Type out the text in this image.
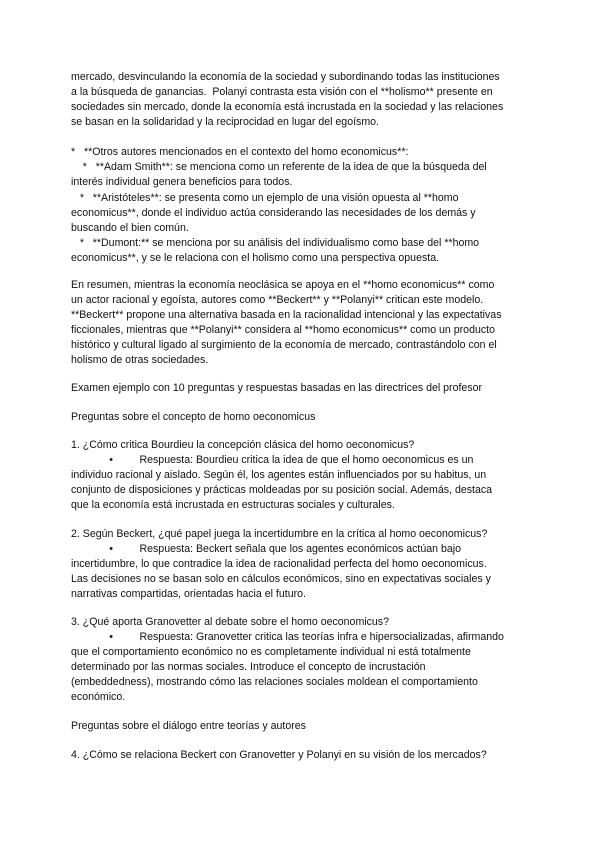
mercado, desvinculando la economía de la sociedad y subordinando todas las instituciones
a la búsqueda de ganancias.  Polanyi contrasta esta visión con el **holismo** presente en
sociedades sin mercado, donde la economía está incrustada en la sociedad y las relaciones
se basan en la solidaridad y la reciprocidad en lugar del egoísmo.
*   **Otros autores mencionados en el contexto del homo economicus**:
*   **Adam Smith**: se menciona como un referente de la idea de que la búsqueda del
interés individual genera beneficios para todos.
*   **Aristóteles**: se presenta como un ejemplo de una visión opuesta al **homo
economicus**, donde el individuo actúa considerando las necesidades de los demás y
buscando el bien común.
*   **Dumont:** se menciona por su análisis del individualismo como base del **homo
economicus**, y se le relaciona con el holismo como una perspectiva opuesta.
En resumen, mientras la economía neoclásica se apoya en el **homo economicus** como
un actor racional y egoísta, autores como **Beckert** y **Polanyi** critican este modelo.
**Beckert** propone una alternativa basada en la racionalidad intencional y las expectativas
ficcionales, mientras que **Polanyi** considera al **homo economicus** como un producto
histórico y cultural ligado al surgimiento de la economía de mercado, contrastándolo con el
holismo de otras sociedades.
Examen ejemplo con 10 preguntas y respuestas basadas en las directrices del profesor
Preguntas sobre el concepto de homo oeconomicus
1. ¿Cómo critica Bourdieu la concepción clásica del homo oeconomicus?
•         Respuesta: Bourdieu critica la idea de que el homo oeconomicus es un
individuo racional y aislado. Según él, los agentes están influenciados por su habitus, un
conjunto de disposiciones y prácticas moldeadas por su posición social. Además, destaca
que la economía está incrustada en estructuras sociales y culturales.
2. Según Beckert, ¿qué papel juega la incertidumbre en la crítica al homo oeconomicus?
•         Respuesta: Beckert señala que los agentes económicos actúan bajo
incertidumbre, lo que contradice la idea de racionalidad perfecta del homo oeconomicus.
Las decisiones no se basan solo en cálculos económicos, sino en expectativas sociales y
narrativas compartidas, orientadas hacia el futuro.
3. ¿Qué aporta Granovetter al debate sobre el homo oeconomicus?
•         Respuesta: Granovetter critica las teorías infra e hipersocializadas, afirmando
que el comportamiento económico no es completamente individual ni está totalmente
determinado por las normas sociales. Introduce el concepto de incrustación
(embeddedness), mostrando cómo las relaciones sociales moldean el comportamiento
económico.
Preguntas sobre el diálogo entre teorías y autores
4. ¿Cómo se relaciona Beckert con Granovetter y Polanyi en su visión de los mercados?
